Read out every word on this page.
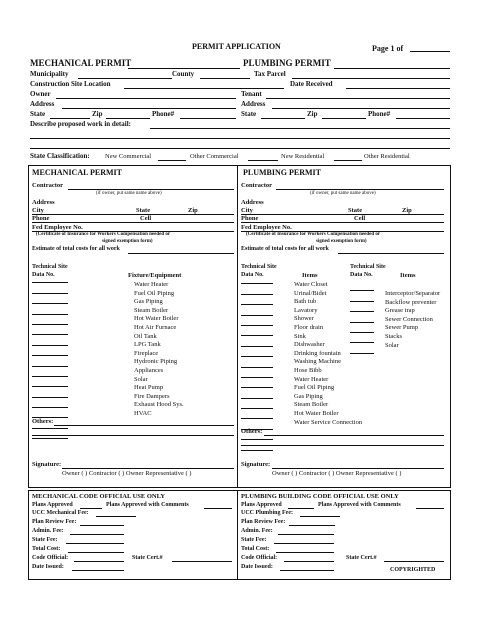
PERMIT APPLICATION	Page 1 of
MECHANICAL PERMIT	PLUMBING PERMIT
Municipality	County	Tax Parcel
Construction Site Location	Date Received
Owner	Tenant
Address	Address
State	Zip	Phone#	State	Zip	Phone#
Describe proposed work in detail:
State Classification: New Commercial	Other Commercial	New Residential	Other Residential
MECHANICAL PERMIT
Contractor
(if owner, put same name above)
Address
City	State	Zip
Phone	Cell
Fed Employee No.
(Certificate of Insurance for Workers Compensation needed or
signed exemption form)
Estimate of total costs for all work
Technical Site
Data No.	Fixture/Equipment
Water Heater
Fuel Oil Piping
Gas Piping
Steam Boiler
Hot Water Boiler
Hot Air Furnace
Oil Tank
LPG Tank
Fireplace
Hydronic Piping
Appliances
Solar
Heat Pump
Fire Dampers
Exhaust Hood Sys.
HVAC
Others:
Signature:
Owner ( ) Contractor ( ) Owner Representative ( )
PLUMBING PERMIT
Contractor
(if owner, put same name above)
Address
City	State	Zip
Phone	Cell
Fed Employee No.
(Certificate of Insurance for Workers Compensation needed or
signed exemption form)
Estimate of total costs for all work
Technical Site
Data No.	Items
Technical Site
Data No.	Items
Water Closet
Urinal/Bidet
Bath tub
Lavatory
Shower
Floor drain
Sink
Dishwasher
Drinking fountain
Washing Machine
Hose Bibb
Water Heater
Fuel Oil Piping
Gas Piping
Steam Boiler
Hot Water Boiler
Water Service Connection
Interceptor/Separator
Backflow preventer
Grease trap
Sewer Connection
Sewer Pump
Stacks
Solar
Others:
Signature:
Owner ( ) Contractor ( ) Owner Representative ( )
MECHANICAL CODE OFFICIAL USE ONLY
Plans Approved	Plans Approved with Comments
UCC Mechanical Fee:
Plan Review Fee:
Admin. Fee:
State Fee:
Total Cost:
Code Official:	State Cert.#
Date Issued:
PLUMBING BUILDING CODE OFFICIAL USE ONLY
Plans Approved	Plans Approved with Comments
UCC Plumbing Fee:
Plan Review Fee:
Admin. Fee:
State Fee:
Total Cost:
Code Official:	State Cert.#
Date Issued:	COPYRIGHTED
